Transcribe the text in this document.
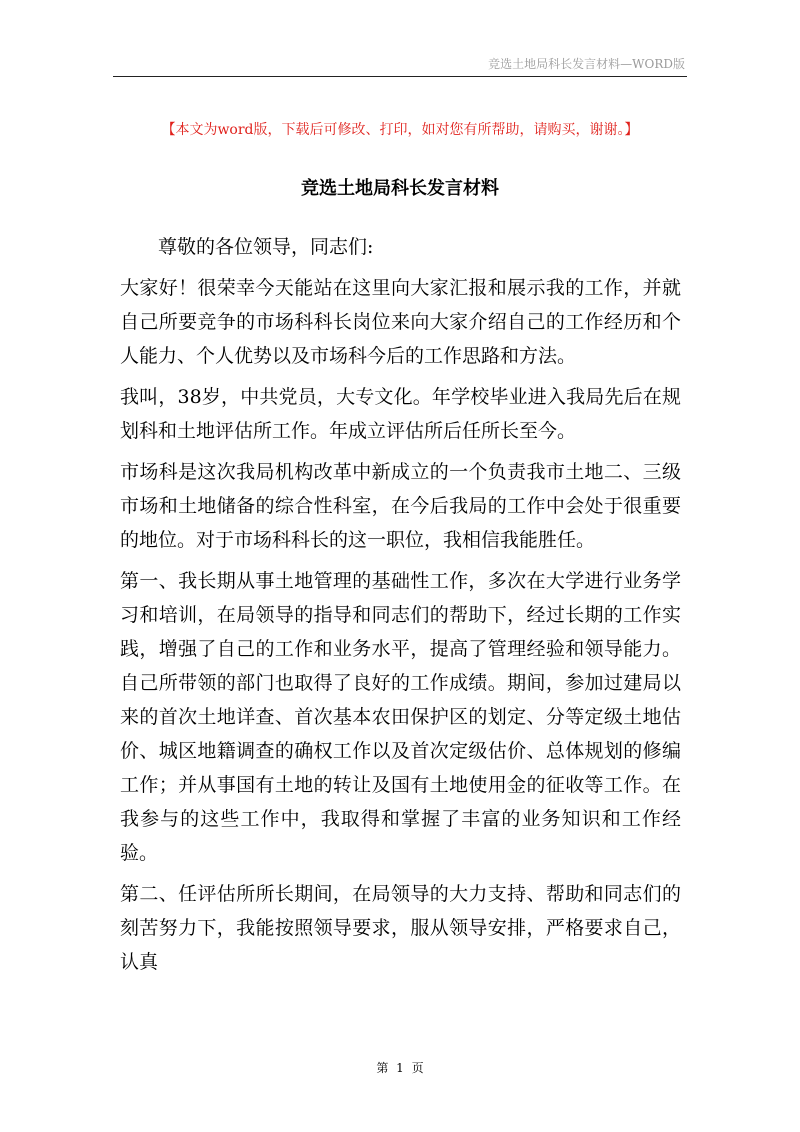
竞选土地局科长发言材料—WORD版
【本文为word版，下载后可修改、打印，如对您有所帮助，请购买，谢谢。】
竞选土地局科长发言材料

尊敬的各位领导，同志们:

大家好！很荣幸今天能站在这里向大家汇报和展示我的工作，并就自己所要竞争的市场科科长岗位来向大家介绍自己的工作经历和个人能力、个人优势以及市场科今后的工作思路和方法。

我叫，38岁，中共党员，大专文化。年学校毕业进入我局先后在规划科和土地评估所工作。年成立评估所后任所长至今。

市场科是这次我局机构改革中新成立的一个负责我市土地二、三级市场和土地储备的综合性科室，在今后我局的工作中会处于很重要的地位。对于市场科科长的这一职位，我相信我能胜任。

第一、我长期从事土地管理的基础性工作，多次在大学进行业务学习和培训，在局领导的指导和同志们的帮助下，经过长期的工作实践，增强了自己的工作和业务水平，提高了管理经验和领导能力。自己所带领的部门也取得了良好的工作成绩。期间，参加过建局以来的首次土地详查、首次基本农田保护区的划定、分等定级土地估价、城区地籍调查的确权工作以及首次定级估价、总体规划的修编工作；并从事国有土地的转让及国有土地使用金的征收等工作。在我参与的这些工作中，我取得和掌握了丰富的业务知识和工作经验。

第二、任评估所所长期间，在局领导的大力支持、帮助和同志们的刻苦努力下，我能按照领导要求，服从领导安排，严格要求自己，认真

第 1 页
